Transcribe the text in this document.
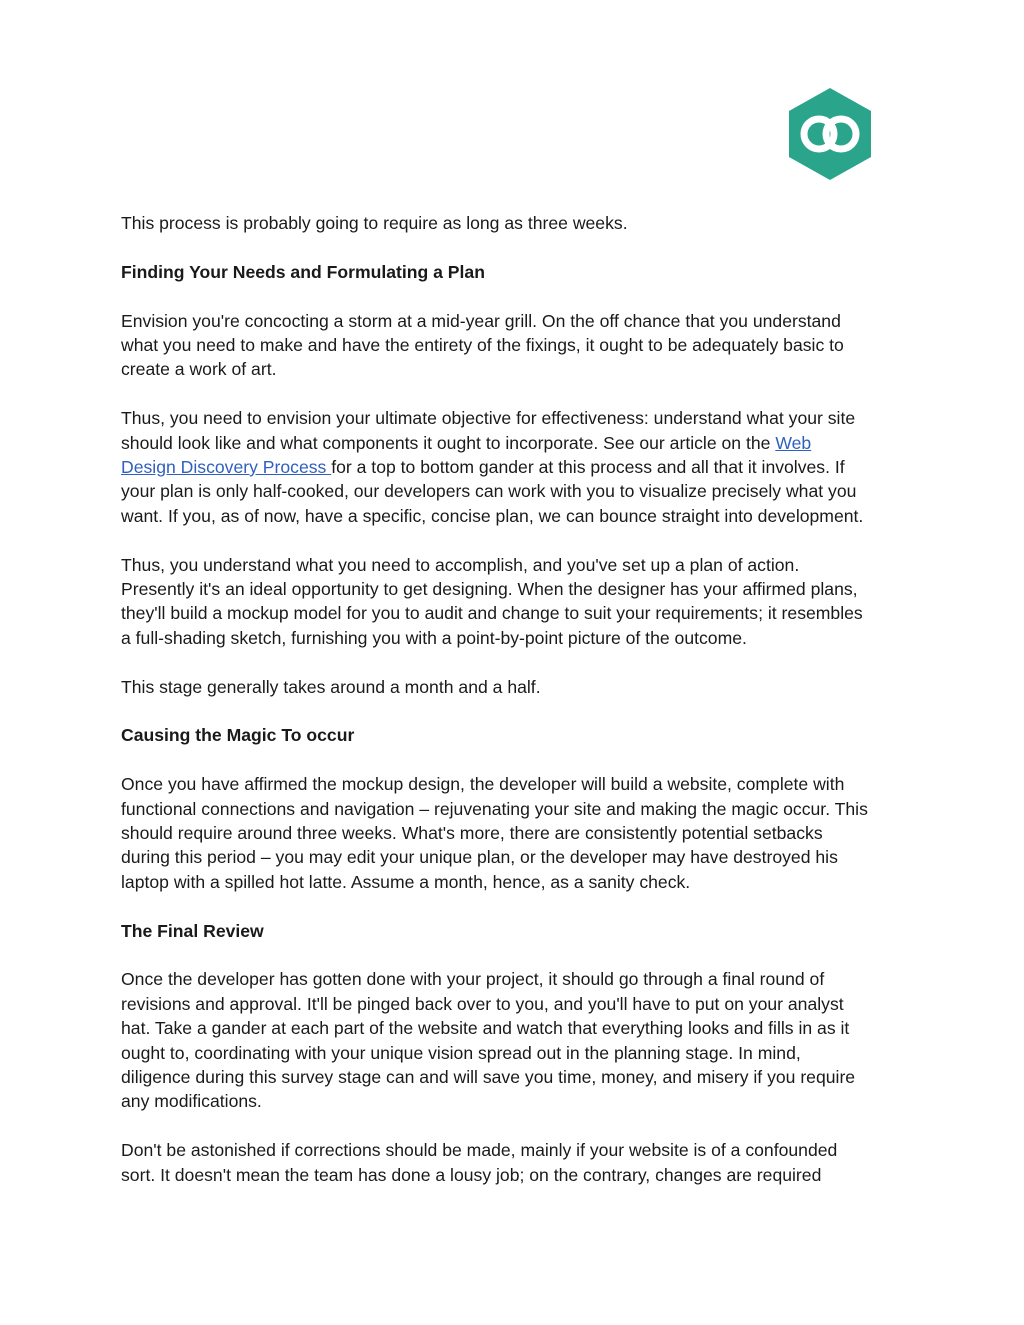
This process is probably going to require as long as three weeks.

Finding Your Needs and Formulating a Plan

Envision you're concocting a storm at a mid-year grill. On the off chance that you understand
what you need to make and have the entirety of the fixings, it ought to be adequately basic to
create a work of art.

Thus, you need to envision your ultimate objective for effectiveness: understand what your site
should look like and what components it ought to incorporate. See our article on the Web
Design Discovery Process for a top to bottom gander at this process and all that it involves. If
your plan is only half-cooked, our developers can work with you to visualize precisely what you
want. If you, as of now, have a specific, concise plan, we can bounce straight into development.

Thus, you understand what you need to accomplish, and you've set up a plan of action.
Presently it's an ideal opportunity to get designing. When the designer has your affirmed plans,
they'll build a mockup model for you to audit and change to suit your requirements; it resembles
a full-shading sketch, furnishing you with a point-by-point picture of the outcome.

This stage generally takes around a month and a half.

Causing the Magic To occur

Once you have affirmed the mockup design, the developer will build a website, complete with
functional connections and navigation – rejuvenating your site and making the magic occur. This
should require around three weeks. What's more, there are consistently potential setbacks
during this period – you may edit your unique plan, or the developer may have destroyed his
laptop with a spilled hot latte. Assume a month, hence, as a sanity check.

The Final Review

Once the developer has gotten done with your project, it should go through a final round of
revisions and approval. It'll be pinged back over to you, and you'll have to put on your analyst
hat. Take a gander at each part of the website and watch that everything looks and fills in as it
ought to, coordinating with your unique vision spread out in the planning stage. In mind,
diligence during this survey stage can and will save you time, money, and misery if you require
any modifications.

Don't be astonished if corrections should be made, mainly if your website is of a confounded
sort. It doesn't mean the team has done a lousy job; on the contrary, changes are required
